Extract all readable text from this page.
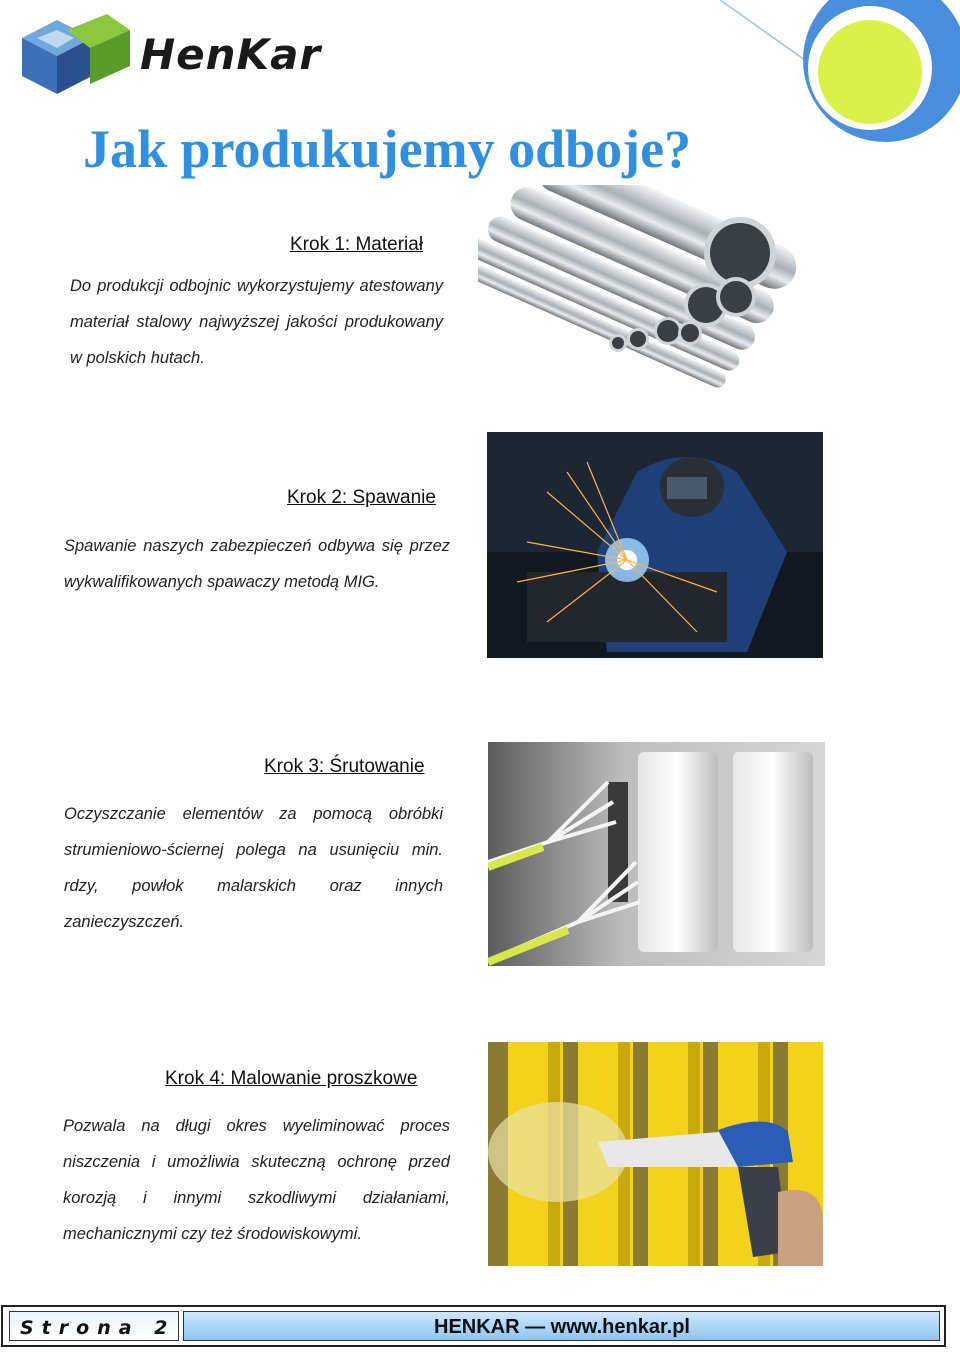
HenKar
Jak produkujemy odboje?
Krok 1: Materiał

Do produkcji odbojnic wykorzystujemy atestowany materiał stalowy najwyższej jakości produkowany w polskich hutach.

Krok 2: Spawanie

Spawanie naszych zabezpieczeń odbywa się przez wykwalifikowanych spawaczy metodą MIG.

Krok 3: Śrutowanie

Oczyszczanie elementów za pomocą obróbki strumieniowo-ściernej polega na usunięciu min. rdzy, powłok malarskich oraz innych zanieczyszczeń.

Krok 4: Malowanie proszkowe

Pozwala na długi okres wyeliminować proces niszczenia i umożliwia skuteczną ochronę przed korozją i innymi szkodliwymi działaniami, mechanicznymi czy też środowiskowymi.

Strona 2	HENKAR — www.henkar.pl
